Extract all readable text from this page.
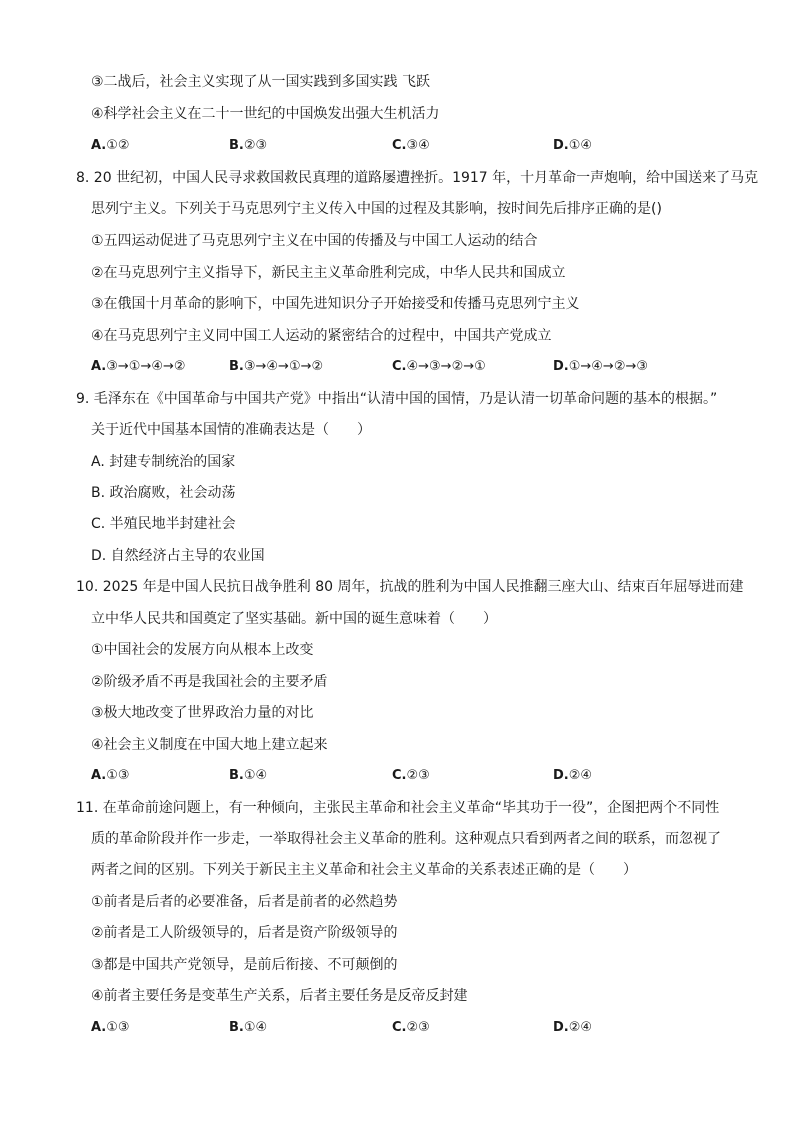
③二战后，社会主义实现了从一国实践到多国实践 飞跃
④科学社会主义在二十一世纪的中国焕发出强大生机活力
A.①②	B.②③	C.③④	D.①④
8. 20 世纪初，中国人民寻求救国救民真理的道路屡遭挫折。1917 年，十月革命一声炮响，给中国送来了马克
思列宁主义。下列关于马克思列宁主义传入中国的过程及其影响，按时间先后排序正确的是()
①五四运动促进了马克思列宁主义在中国的传播及与中国工人运动的结合
②在马克思列宁主义指导下，新民主主义革命胜利完成，中华人民共和国成立
③在俄国十月革命的影响下，中国先进知识分子开始接受和传播马克思列宁主义
④在马克思列宁主义同中国工人运动的紧密结合的过程中，中国共产党成立
A.③→①→④→②	B.③→④→①→②	C.④→③→②→①	D.①→④→②→③
9. 毛泽东在《中国革命与中国共产党》中指出“认清中国的国情，乃是认清一切革命问题的基本的根据。”
关于近代中国基本国情的准确表达是（　　）
A. 封建专制统治的国家
B. 政治腐败，社会动荡
C. 半殖民地半封建社会
D. 自然经济占主导的农业国
10. 2025 年是中国人民抗日战争胜利 80 周年，抗战的胜利为中国人民推翻三座大山、结束百年屈辱进而建
立中华人民共和国奠定了坚实基础。新中国的诞生意味着（　　）
①中国社会的发展方向从根本上改变
②阶级矛盾不再是我国社会的主要矛盾
③极大地改变了世界政治力量的对比
④社会主义制度在中国大地上建立起来
A.①③	B.①④	C.②③	D.②④
11. 在革命前途问题上，有一种倾向，主张民主革命和社会主义革命“毕其功于一役”，企图把两个不同性
质的革命阶段并作一步走，一举取得社会主义革命的胜利。这种观点只看到两者之间的联系，而忽视了
两者之间的区别。下列关于新民主主义革命和社会主义革命的关系表述正确的是（　　）
①前者是后者的必要准备，后者是前者的必然趋势
②前者是工人阶级领导的，后者是资产阶级领导的
③都是中国共产党领导，是前后衔接、不可颠倒的
④前者主要任务是变革生产关系，后者主要任务是反帝反封建
A.①③	B.①④	C.②③	D.②④
